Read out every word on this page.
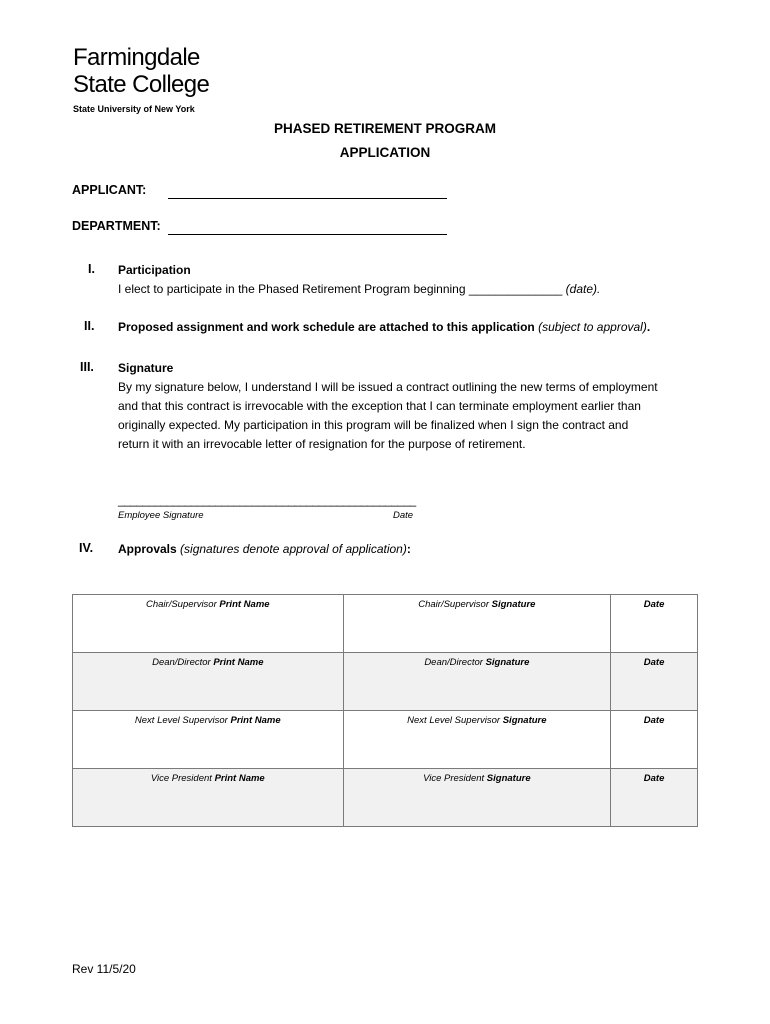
Farmingdale
State College
State University of New York
PHASED RETIREMENT PROGRAM
APPLICATION
APPLICANT:
DEPARTMENT:
I. Participation
I elect to participate in the Phased Retirement Program beginning ______________ (date).
II. Proposed assignment and work schedule are attached to this application (subject to approval).
III. Signature
By my signature below, I understand I will be issued a contract outlining the new terms of employment
and that this contract is irrevocable with the exception that I can terminate employment earlier than
originally expected. My participation in this program will be finalized when I sign the contract and
return it with an irrevocable letter of resignation for the purpose of retirement.
_________________________________________________
Employee Signature	Date
IV. Approvals (signatures denote approval of application):
Chair/Supervisor Print Name	Chair/Supervisor Signature	Date
Dean/Director Print Name	Dean/Director Signature	Date
Next Level Supervisor Print Name	Next Level Supervisor Signature	Date
Vice President Print Name	Vice President Signature	Date
Rev 11/5/20
